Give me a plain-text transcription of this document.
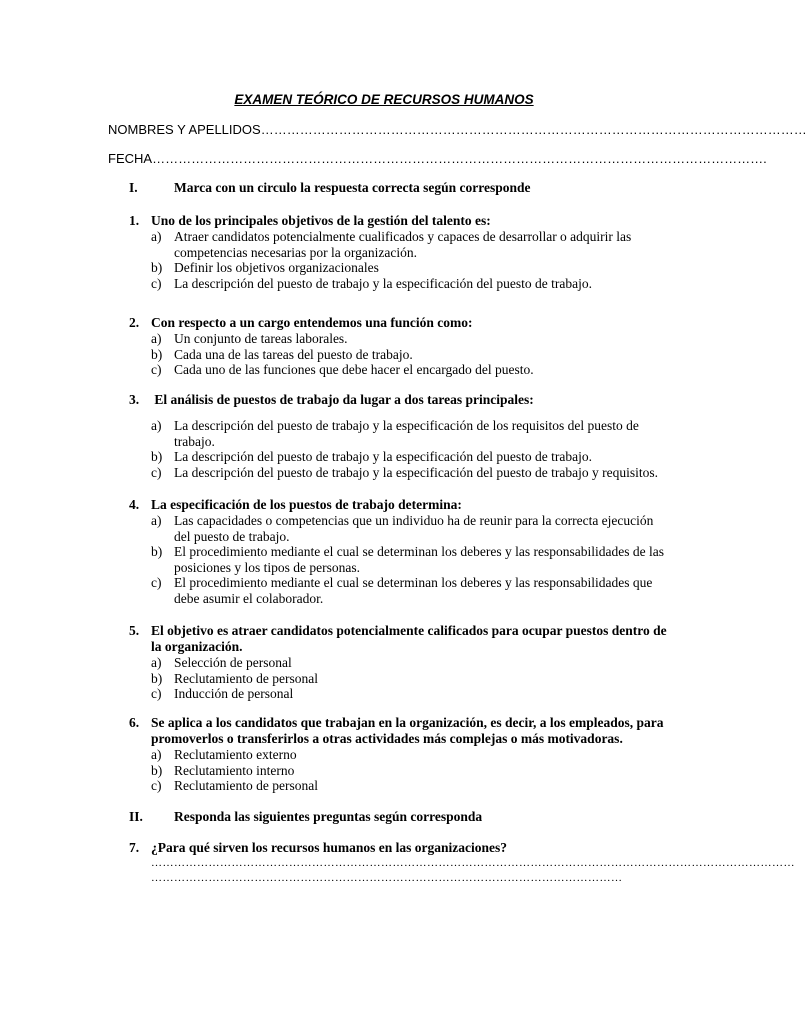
EXAMEN TEÓRICO DE RECURSOS HUMANOS
NOMBRES Y APELLIDOS………………………………………………………………………………………………………………
FECHA…………………………………………………………………………………………………………………………….
I.	Marca con un circulo la respuesta correcta según corresponde
1. Uno de los principales objetivos de la gestión del talento es:
a) Atraer candidatos potencialmente cualificados y capaces de desarrollar o adquirir las competencias necesarias por la organización.
b) Definir los objetivos organizacionales
c) La descripción del puesto de trabajo y la especificación del puesto de trabajo.
2. Con respecto a un cargo entendemos una función como:
a) Un conjunto de tareas laborales.
b) Cada una de las tareas del puesto de trabajo.
c) Cada uno de las funciones que debe hacer el encargado del puesto.
3. El análisis de puestos de trabajo da lugar a dos tareas principales:
a) La descripción del puesto de trabajo y la especificación de los requisitos del puesto de trabajo.
b) La descripción del puesto de trabajo y la especificación del puesto de trabajo.
c) La descripción del puesto de trabajo y la especificación del puesto de trabajo y requisitos.
4. La especificación de los puestos de trabajo determina:
a) Las capacidades o competencias que un individuo ha de reunir para la correcta ejecución del puesto de trabajo.
b) El procedimiento mediante el cual se determinan los deberes y las responsabilidades de las posiciones y los tipos de personas.
c) El procedimiento mediante el cual se determinan los deberes y las responsabilidades que debe asumir el colaborador.
5. El objetivo es atraer candidatos potencialmente calificados para ocupar puestos dentro de
la organización.
a) Selección de personal
b) Reclutamiento de personal
c) Inducción de personal
6. Se aplica a los candidatos que trabajan en la organización, es decir, a los empleados, para
promoverlos o transferirlos a otras actividades más complejas o más motivadoras.
a) Reclutamiento externo
b) Reclutamiento interno
c) Reclutamiento de personal
II. Responda las siguientes preguntas según corresponda
7. ¿Para qué sirven los recursos humanos en las organizaciones?
……………………………………………………………………………………………………………………………………………………
……………………………………………………………………………………………………………
